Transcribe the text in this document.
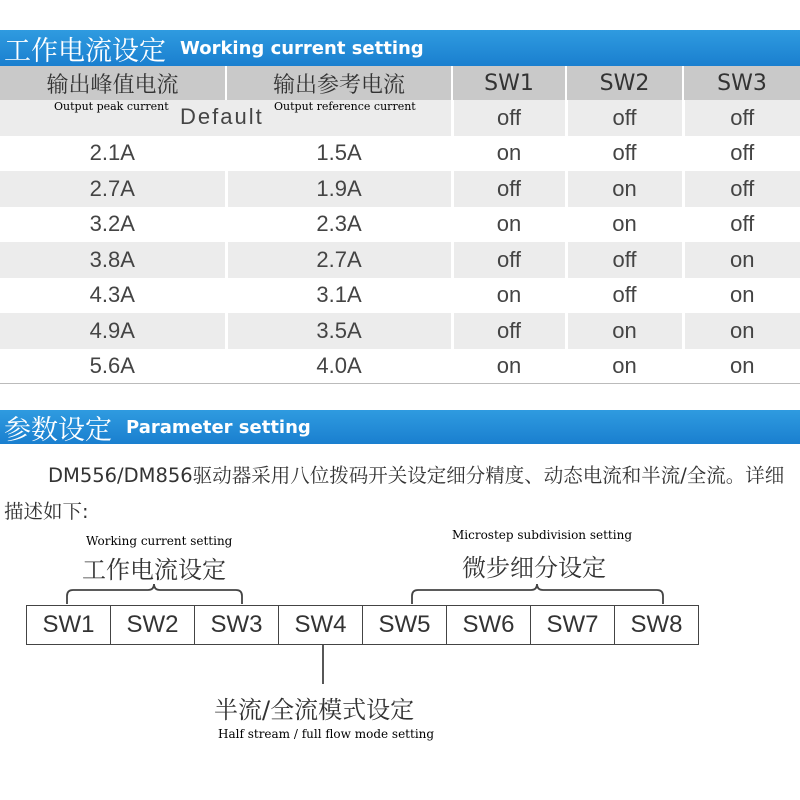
工作电流设定 Working current setting
输出峰值电流	输出参考电流	SW1	SW2	SW3

Output peak current Output reference current
Default		off	off	off
2.1A	1.5A	on	off	off
2.7A	1.9A	off	on	off
3.2A	2.3A	on	on	off
3.8A	2.7A	off	off	on
4.3A	3.1A	on	off	on
4.9A	3.5A	off	on	on
5.6A	4.0A	on	on	on
参数设定 Parameter setting
DM556/DM856驱动器采用八位拨码开关设定细分精度、动态电流和半流/全流。详细描述如下:
Working current setting
工作电流设定
Microstep subdivision setting
微步细分设定
SW1	SW2	SW3	SW4	SW5	SW6	SW7	SW8
半流/全流模式设定
Half stream / full flow mode setting
